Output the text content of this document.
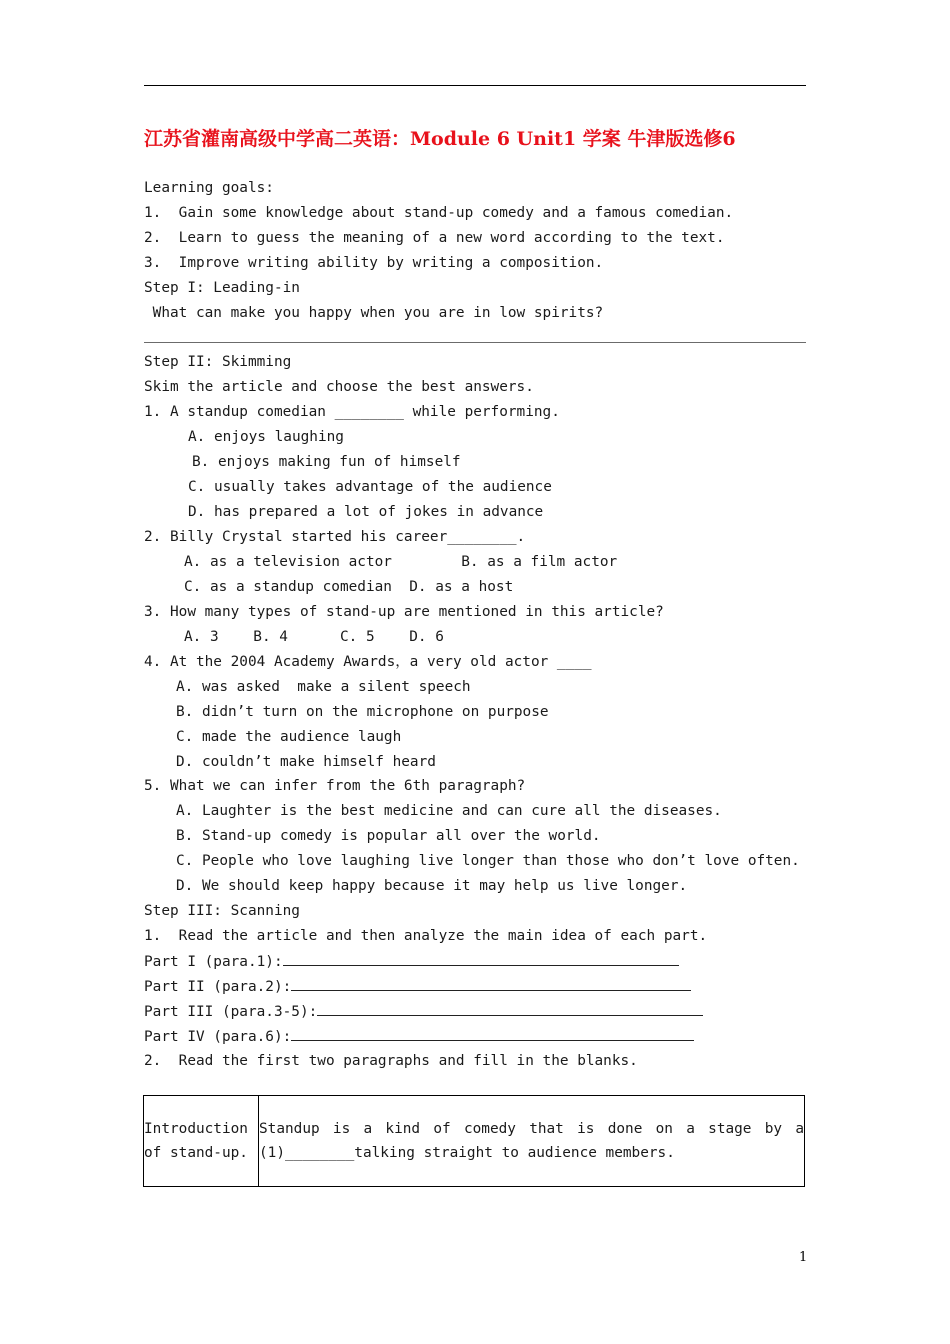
江苏省灌南高级中学高二英语：Module 6 Unit1 学案 牛津版选修6
Learning goals:
1.  Gain some knowledge about stand-up comedy and a famous comedian.
2.  Learn to guess the meaning of a new word according to the text.
3.  Improve writing ability by writing a composition.
Step I: Leading-in
What can make you happy when you are in low spirits?
Step II: Skimming
Skim the article and choose the best answers.
1. A standup comedian ________ while performing.
A. enjoys laughing
B. enjoys making fun of himself
C. usually takes advantage of the audience
D. has prepared a lot of jokes in advance
2. Billy Crystal started his career________.
A. as a television actor        B. as a film actor
C. as a standup comedian  D. as a host
3. How many types of stand-up are mentioned in this article?
A. 3    B. 4      C. 5    D. 6
4. At the 2004 Academy Awards，a very old actor ____
A. was asked  make a silent speech
B. didn’t turn on the microphone on purpose
C. made the audience laugh
D. couldn’t make himself heard
5. What we can infer from the 6th paragraph?
A. Laughter is the best medicine and can cure all the diseases.
B. Stand-up comedy is popular all over the world.
C. People who love laughing live longer than those who don’t love often.
D. We should keep happy because it may help us live longer.
Step III: Scanning
1.  Read the article and then analyze the main idea of each part.
Part I (para.1):
Part II (para.2):
Part III (para.3-5):
Part IV (para.6):
2.  Read the first two paragraphs and fill in the blanks.
Introduction of stand-up.	Standup is a kind of comedy that is done on a stage by a (1)________talking straight to audience members.
1
